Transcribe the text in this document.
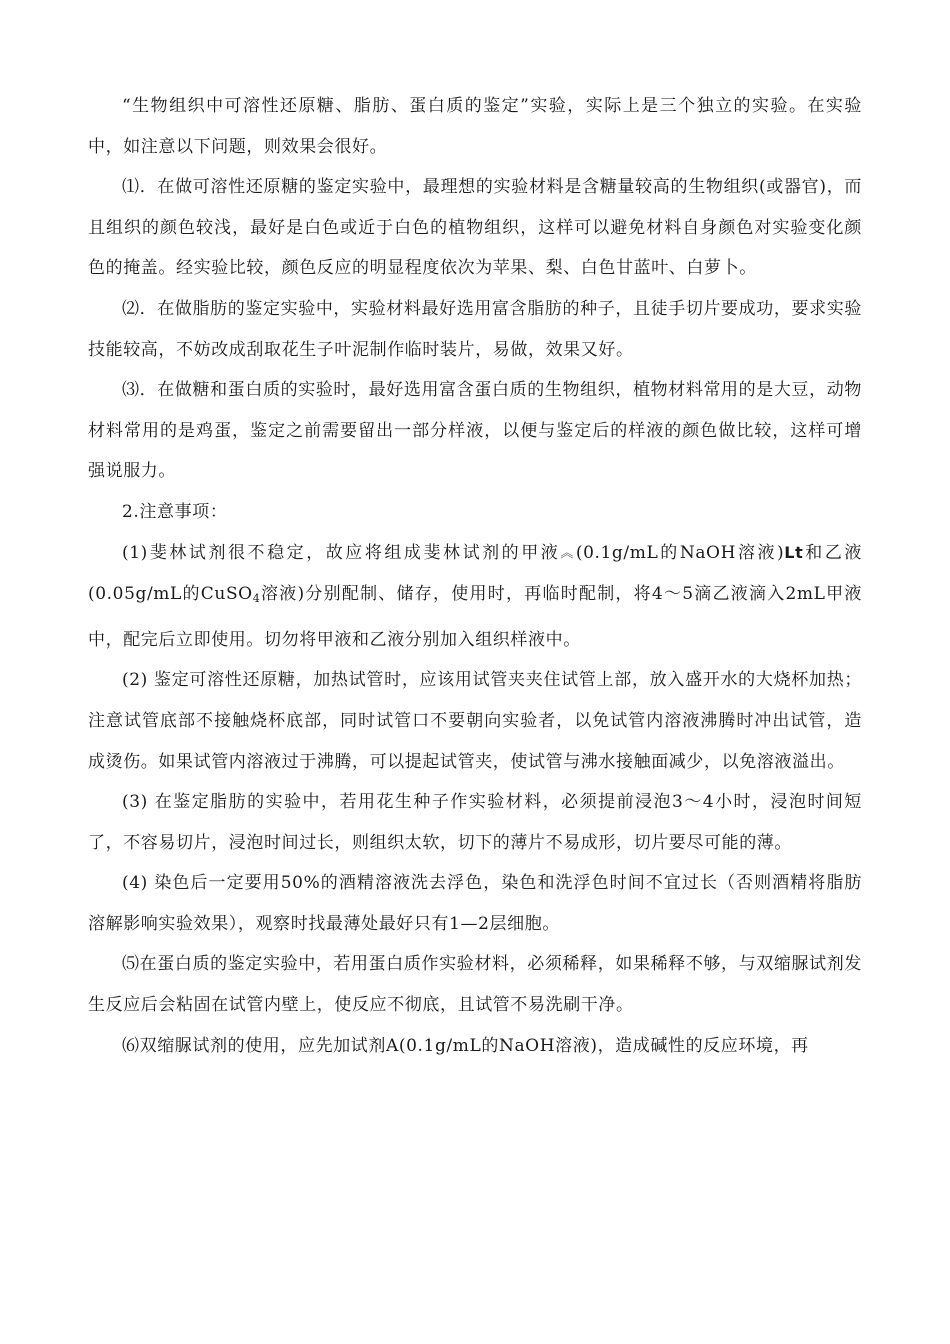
“生物组织中可溶性还原糖、脂肪、蛋白质的鉴定”实验，实际上是三个独立的实验。在实验中，如注意以下问题，则效果会很好。

⑴．在做可溶性还原糖的鉴定实验中，最理想的实验材料是含糖量较高的生物组织(或器官)，而且组织的颜色较浅，最好是白色或近于白色的植物组织，这样可以避免材料自身颜色对实验变化颜色的掩盖。经实验比较，颜色反应的明显程度依次为苹果、梨、白色甘蓝叶、白萝卜。

⑵．在做脂肪的鉴定实验中，实验材料最好选用富含脂肪的种子，且徒手切片要成功，要求实验技能较高，不妨改成刮取花生子叶泥制作临时装片，易做，效果又好。

⑶．在做糖和蛋白质的实验时，最好选用富含蛋白质的生物组织，植物材料常用的是大豆，动物材料常用的是鸡蛋，鉴定之前需要留出一部分样液，以便与鉴定后的样液的颜色做比较，这样可增强说服力。

2.注意事项：

(1)斐林试剂很不稳定，故应将组成斐林试剂的甲液︽(0.1g/mL的NaOH溶液)Lt和乙液(0.05g/mL的CuSO$_4$溶液)分别配制、储存，使用时，再临时配制，将4～5滴乙液滴入2mL甲液中，配完后立即使用。切勿将甲液和乙液分别加入组织样液中。

(2) 鉴定可溶性还原糖，加热试管时，应该用试管夹夹住试管上部，放入盛开水的大烧杯加热；注意试管底部不接触烧杯底部，同时试管口不要朝向实验者，以免试管内溶液沸腾时冲出试管，造成烫伤。如果试管内溶液过于沸腾，可以提起试管夹，使试管与沸水接触面减少，以免溶液溢出。

(3) 在鉴定脂肪的实验中，若用花生种子作实验材料，必须提前浸泡3～4小时，浸泡时间短了，不容易切片，浸泡时间过长，则组织太软，切下的薄片不易成形，切片要尽可能的薄。

(4) 染色后一定要用50%的酒精溶液洗去浮色，染色和洗浮色时间不宜过长（否则酒精将脂肪溶解影响实验效果），观察时找最薄处最好只有1—2层细胞。

⑸在蛋白质的鉴定实验中，若用蛋白质作实验材料，必须稀释，如果稀释不够，与双缩脲试剂发生反应后会粘固在试管内壁上，使反应不彻底，且试管不易洗刷干净。

⑹双缩脲试剂的使用，应先加试剂A(0.1g/mL的NaOH溶液)，造成碱性的反应环境，再
